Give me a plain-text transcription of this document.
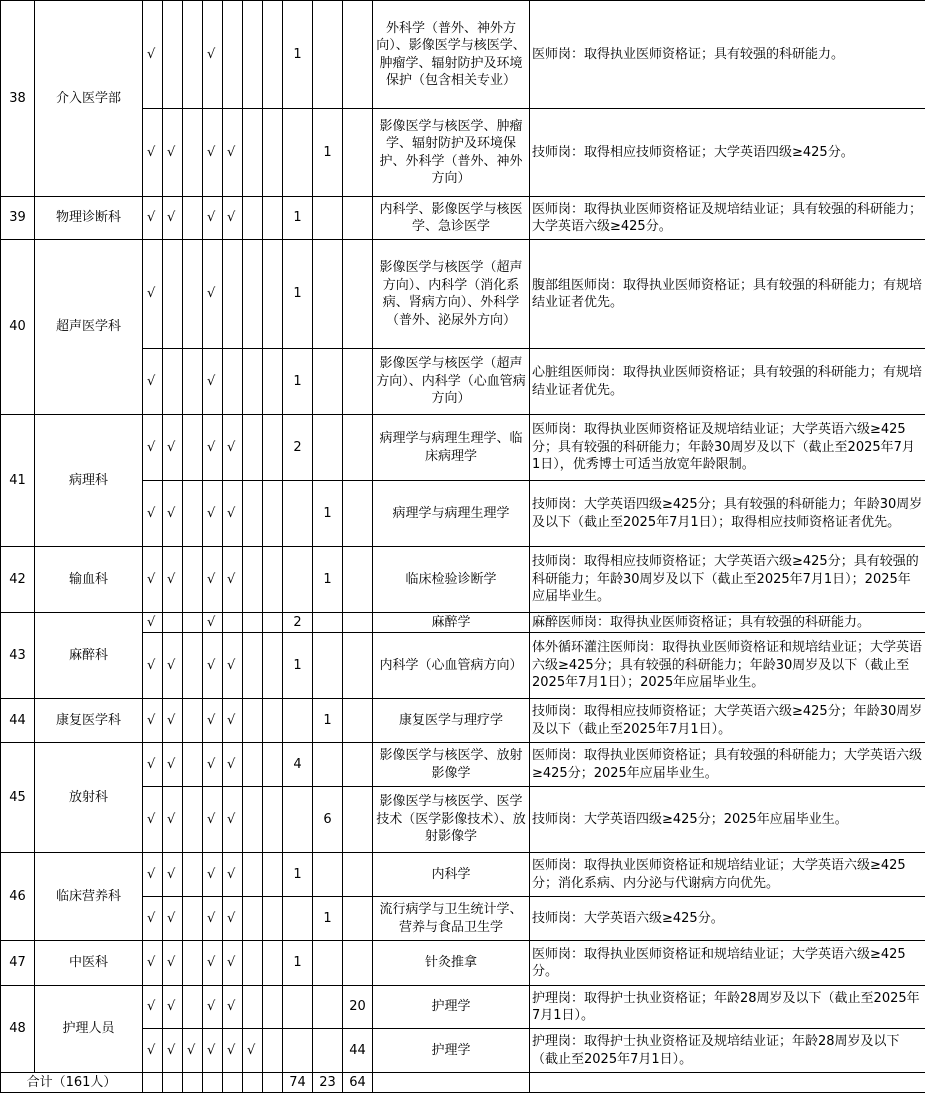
38	介入医学部	√			√				1			外科学（普外、神外方向）、影像医学与核医学、肿瘤学、辐射防护及环境保护（包含相关专业）	医师岗：取得执业医师资格证；具有较强的科研能力。
		√	√		√	√				1		影像医学与核医学、肿瘤学、辐射防护及环境保护、外科学（普外、神外方向）	技师岗：取得相应技师资格证；大学英语四级≥425分。
39	物理诊断科	√	√		√	√			1			内科学、影像医学与核医学、急诊医学	医师岗：取得执业医师资格证及规培结业证；具有较强的科研能力；大学英语六级≥425分。
40	超声医学科	√			√				1			影像医学与核医学（超声方向）、内科学（消化系病、肾病方向）、外科学（普外、泌尿外方向）	腹部组医师岗：取得执业医师资格证；具有较强的科研能力；有规培结业证者优先。
		√			√				1			影像医学与核医学（超声方向）、内科学（心血管病方向）	心脏组医师岗：取得执业医师资格证；具有较强的科研能力；有规培结业证者优先。
41	病理科	√	√		√	√			2			病理学与病理生理学、临床病理学	医师岗：取得执业医师资格证及规培结业证；大学英语六级≥425分；具有较强的科研能力；年龄30周岁及以下（截止至2025年7月1日），优秀博士可适当放宽年龄限制。
		√	√		√	√				1		病理学与病理生理学	技师岗：大学英语四级≥425分；具有较强的科研能力；年龄30周岁及以下（截止至2025年7月1日）；取得相应技师资格证者优先。
42	输血科	√	√		√	√				1		临床检验诊断学	技师岗：取得相应技师资格证；大学英语六级≥425分；具有较强的科研能力；年龄30周岁及以下（截止至2025年7月1日）；2025年应届毕业生。
43	麻醉科	√			√				2			麻醉学	麻醉医师岗：取得执业医师资格证；具有较强的科研能力。
		√	√		√	√			1			内科学（心血管病方向）	体外循环灌注医师岗：取得执业医师资格证和规培结业证；大学英语六级≥425分；具有较强的科研能力；年龄30周岁及以下（截止至2025年7月1日）；2025年应届毕业生。
44	康复医学科	√	√		√	√				1		康复医学与理疗学	技师岗：取得相应技师资格证；大学英语六级≥425分；年龄30周岁及以下（截止至2025年7月1日）。
45	放射科	√	√		√	√			4			影像医学与核医学、放射影像学	医师岗：取得执业医师资格证；具有较强的科研能力；大学英语六级≥425分；2025年应届毕业生。
		√	√		√	√				6		影像医学与核医学、医学技术（医学影像技术）、放射影像学	技师岗：大学英语四级≥425分；2025年应届毕业生。
46	临床营养科	√	√		√	√			1			内科学	医师岗：取得执业医师资格证和规培结业证；大学英语六级≥425分；消化系病、内分泌与代谢病方向优先。
		√	√		√	√				1		流行病学与卫生统计学、营养与食品卫生学	技师岗：大学英语六级≥425分。
47	中医科	√	√		√	√			1			针灸推拿	医师岗：取得执业医师资格证和规培结业证；大学英语六级≥425分。
48	护理人员	√	√		√	√					20	护理学	护理岗：取得护士执业资格证；年龄28周岁及以下（截止至2025年7月1日）。
		√	√	√	√	√	√				44	护理学	护理岗：取得护士执业资格证及规培结业证；年龄28周岁及以下（截止至2025年7月1日）。
合计（161人）									74	23	64		
